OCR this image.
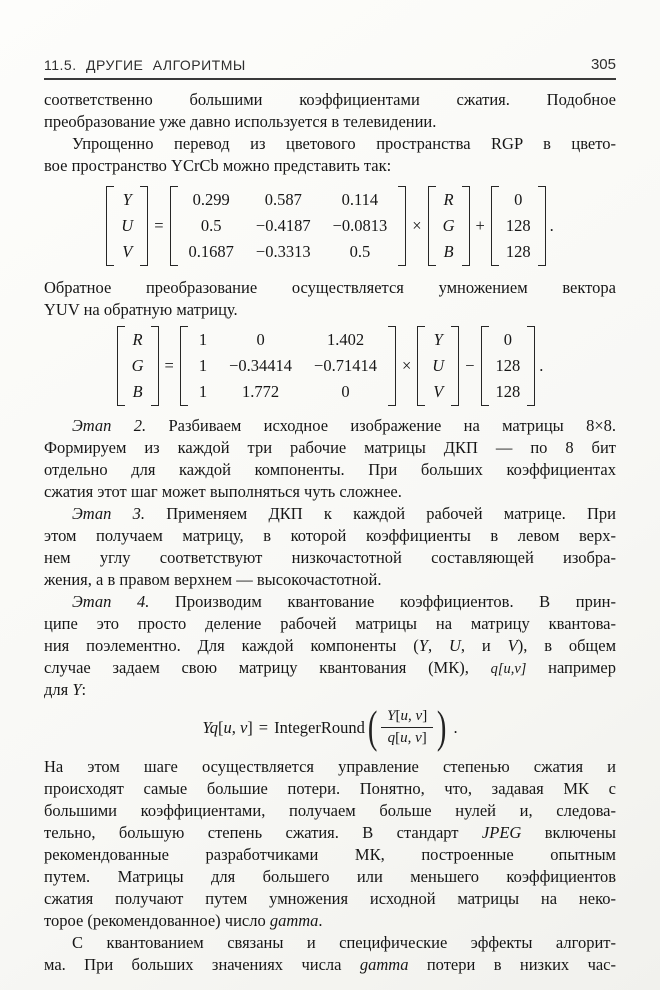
11.5. ДРУГИЕ АЛГОРИТМЫ	305
соответственно большими коэффициентами сжатия. Подобное
преобразование уже давно используется в телевидении.
Упрощенно перевод из цветового пространства RGP в цвето-
вое пространство YCrCb можно представить так:
Y
U
V
=
0.299	0.587	0.114
0.5	−0.4187	−0.0813
0.1687	−0.3313	0.5
×
R
G
B
+
0
128
128
.
Обратное преобразование осуществляется умножением вектора
YUV на обратную матрицу.
R
G
B
=
1	0	1.402
1	−0.34414	−0.71414
1	1.772	0
×
Y
U
V
−
0
128
128
.
Этап 2. Разбиваем исходное изображение на матрицы 8×8.
Формируем из каждой три рабочие матрицы ДКП — по 8 бит
отдельно для каждой компоненты. При больших коэффициентах
сжатия этот шаг может выполняться чуть сложнее.
Этап 3. Применяем ДКП к каждой рабочей матрице. При
этом получаем матрицу, в которой коэффициенты в левом верх-
нем углу соответствуют низкочастотной составляющей изобра-
жения, а в правом верхнем — высокочастотной.
Этап 4. Производим квантование коэффициентов. В прин-
ципе это просто деление рабочей матрицы на матрицу квантова-
ния поэлементно. Для каждой компоненты (Y, U, и V), в общем
случае задаем свою матрицу квантования (МК), q[u,v] например
для Y:
Yq[u, v] = IntegerRound ( $\frac{Y[u, v]}{q[u, v]}$ ) .
На этом шаге осуществляется управление степенью сжатия и
происходят самые большие потери. Понятно, что, задавая МК с
большими коэффициентами, получаем больше нулей и, следова-
тельно, большую степень сжатия. В стандарт JPEG включены
рекомендованные разработчиками МК, построенные опытным
путем. Матрицы для большего или меньшего коэффициентов
сжатия получают путем умножения исходной матрицы на неко-
торое (рекомендованное) число gamma.
С квантованием связаны и специфические эффекты алгорит-
ма. При больших значениях числа gamma потери в низких час-
